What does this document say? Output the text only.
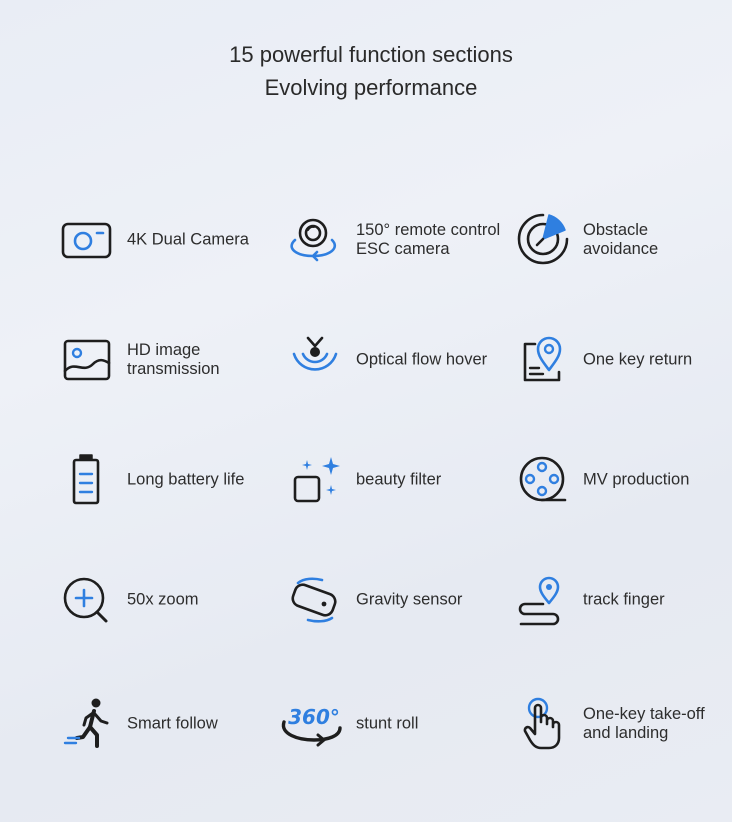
15 powerful function sections
Evolving performance
4K Dual Camera
150° remote control
ESC camera
Obstacle
avoidance
HD image
transmission
Optical flow hover	One key return
Long battery life	beauty filter	MV production
50x zoom	Gravity sensor	track finger
Smart follow	360° stunt roll
One-key take-off
and landing
